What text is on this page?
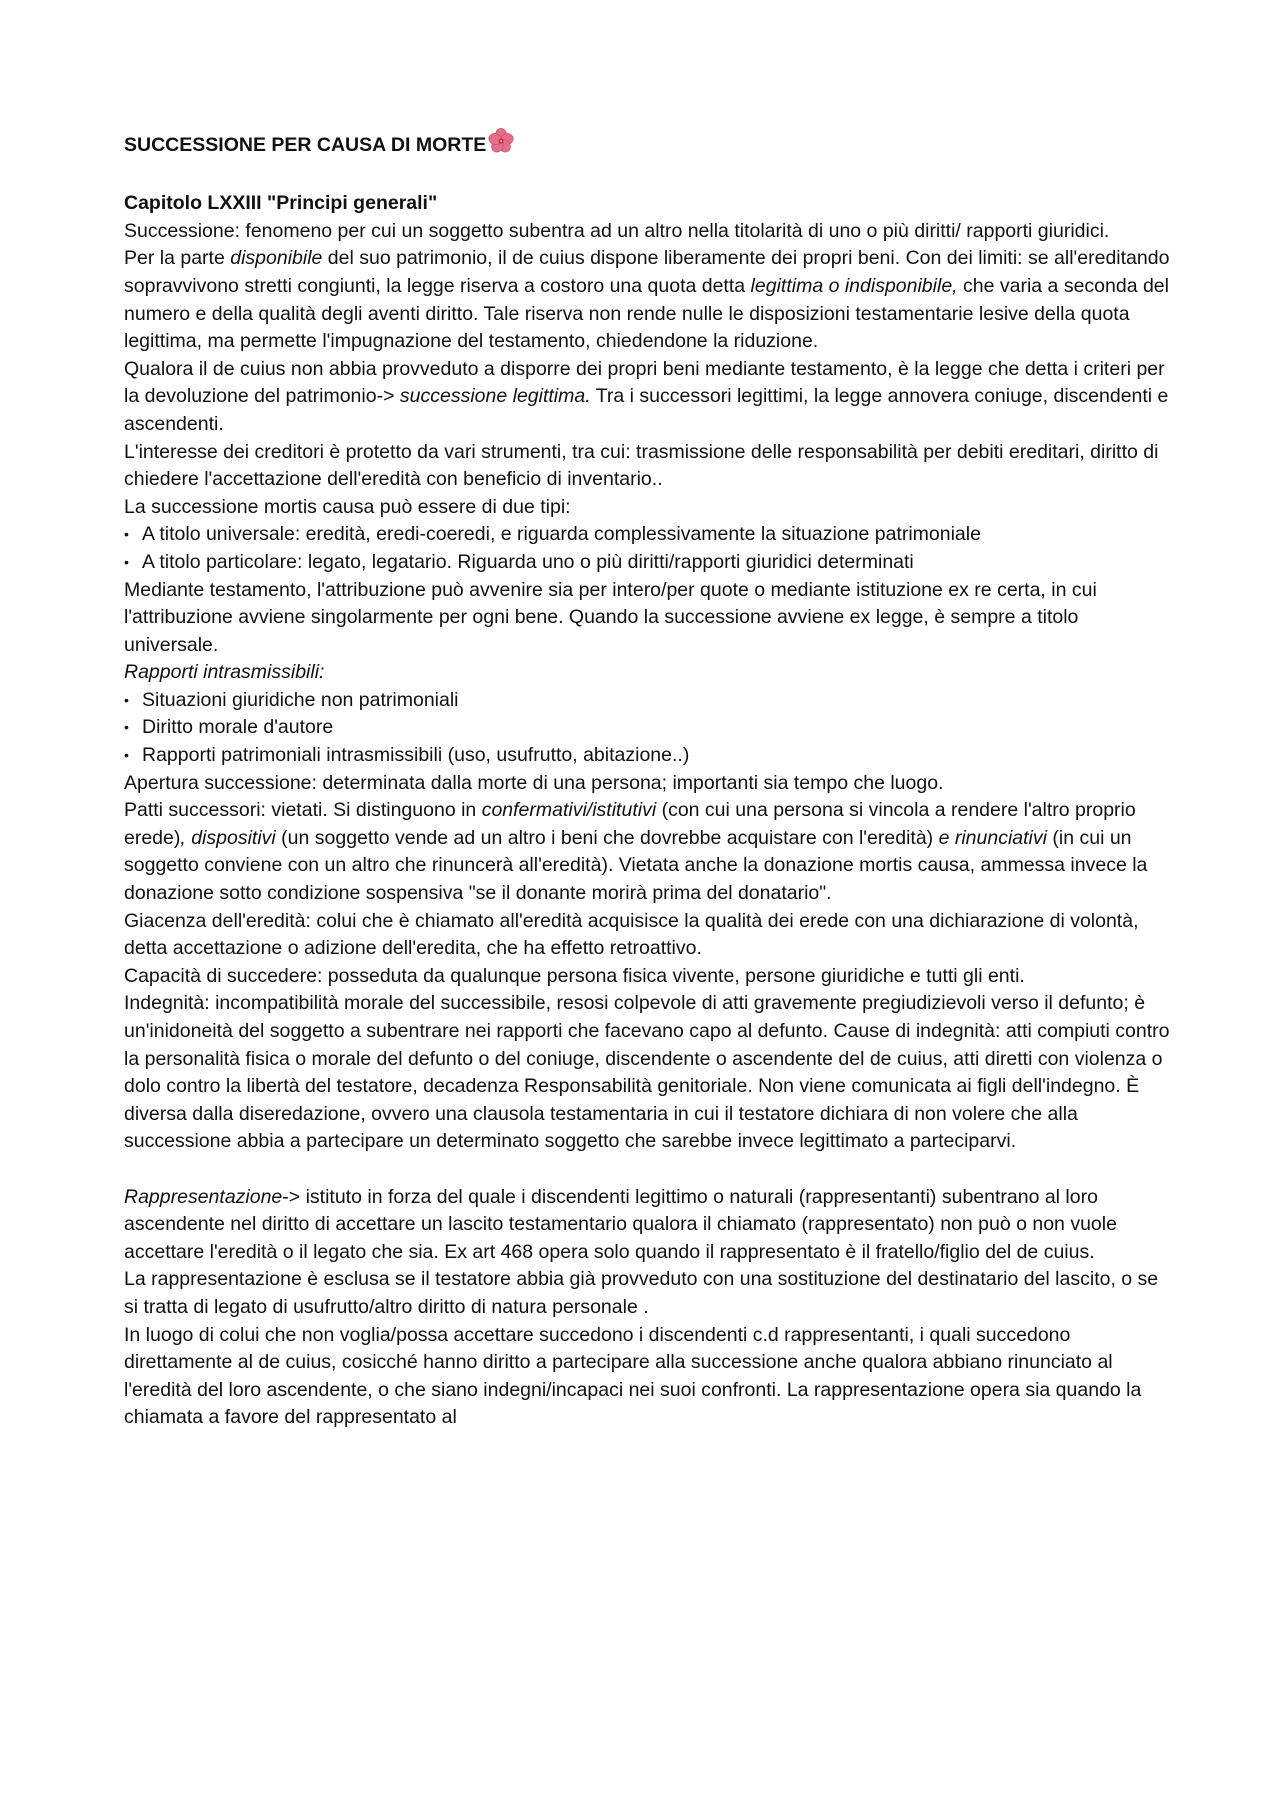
SUCCESSIONE PER CAUSA DI MORTE
Capitolo LXXIII "Principi generali"

Successione: fenomeno per cui un soggetto subentra ad un altro nella titolarità di uno o più diritti/ rapporti giuridici.

Per la parte disponibile del suo patrimonio, il de cuius dispone liberamente dei propri beni. Con dei limiti: se all'ereditando sopravvivono stretti congiunti, la legge riserva a costoro una quota detta legittima o indisponibile, che varia a seconda del numero e della qualità degli aventi diritto. Tale riserva non rende nulle le disposizioni testamentarie lesive della quota legittima, ma permette l'impugnazione del testamento, chiedendone la riduzione.

Qualora il de cuius non abbia provveduto a disporre dei propri beni mediante testamento, è la legge che detta i criteri per la devoluzione del patrimonio-> successione legittima. Tra i successori legittimi, la legge annovera coniuge, discendenti e ascendenti.

L'interesse dei creditori è protetto da vari strumenti, tra cui: trasmissione delle responsabilità per debiti ereditari, diritto di chiedere l'accettazione dell'eredità con beneficio di inventario..

La successione mortis causa può essere di due tipi:

• A titolo universale: eredità, eredi-coeredi, e riguarda complessivamente la situazione patrimoniale
• A titolo particolare: legato, legatario. Riguarda uno o più diritti/rapporti giuridici determinati

Mediante testamento, l'attribuzione può avvenire sia per intero/per quote o mediante istituzione ex re certa, in cui l'attribuzione avviene singolarmente per ogni bene. Quando la successione avviene ex legge, è sempre a titolo universale.

Rapporti intrasmissibili:

• Situazioni giuridiche non patrimoniali
• Diritto morale d'autore
• Rapporti patrimoniali intrasmissibili (uso, usufrutto, abitazione..)

Apertura successione: determinata dalla morte di una persona; importanti sia tempo che luogo.

Patti successori: vietati. Si distinguono in confermativi/istitutivi (con cui una persona si vincola a rendere l'altro proprio erede), dispositivi (un soggetto vende ad un altro i beni che dovrebbe acquistare con l'eredità) e rinunciativi (in cui un soggetto conviene con un altro che rinuncerà all'eredità). Vietata anche la donazione mortis causa, ammessa invece la donazione sotto condizione sospensiva "se il donante morirà prima del donatario".

Giacenza dell'eredità: colui che è chiamato all'eredità acquisisce la qualità dei erede con una dichiarazione di volontà, detta accettazione o adizione dell'eredita, che ha effetto retroattivo.

Capacità di succedere: posseduta da qualunque persona fisica vivente, persone giuridiche e tutti gli enti.

Indegnità: incompatibilità morale del successibile, resosi colpevole di atti gravemente pregiudizievoli verso il defunto; è un'inidoneità del soggetto a subentrare nei rapporti che facevano capo al defunto. Cause di indegnità: atti compiuti contro la personalità fisica o morale del defunto o del coniuge, discendente o ascendente del de cuius, atti diretti con violenza o dolo contro la libertà del testatore, decadenza Responsabilità genitoriale. Non viene comunicata ai figli dell'indegno. È diversa dalla diseredazione, ovvero una clausola testamentaria in cui il testatore dichiara di non volere che alla successione abbia a partecipare un determinato soggetto che sarebbe invece legittimato a parteciparvi.

Rappresentazione-> istituto in forza del quale i discendenti legittimo o naturali (rappresentanti) subentrano al loro ascendente nel diritto di accettare un lascito testamentario qualora il chiamato (rappresentato) non può o non vuole accettare l'eredità o il legato che sia. Ex art 468 opera solo quando il rappresentato è il fratello/figlio del de cuius.

La rappresentazione è esclusa se il testatore abbia già provveduto con una sostituzione del destinatario del lascito, o se si tratta di legato di usufrutto/altro diritto di natura personale .

In luogo di colui che non voglia/possa accettare succedono i discendenti c.d rappresentanti, i quali succedono direttamente al de cuius, cosicché hanno diritto a partecipare alla successione anche qualora abbiano rinunciato al l'eredità del loro ascendente, o che siano indegni/incapaci nei suoi confronti. La rappresentazione opera sia quando la chiamata a favore del rappresentato al
